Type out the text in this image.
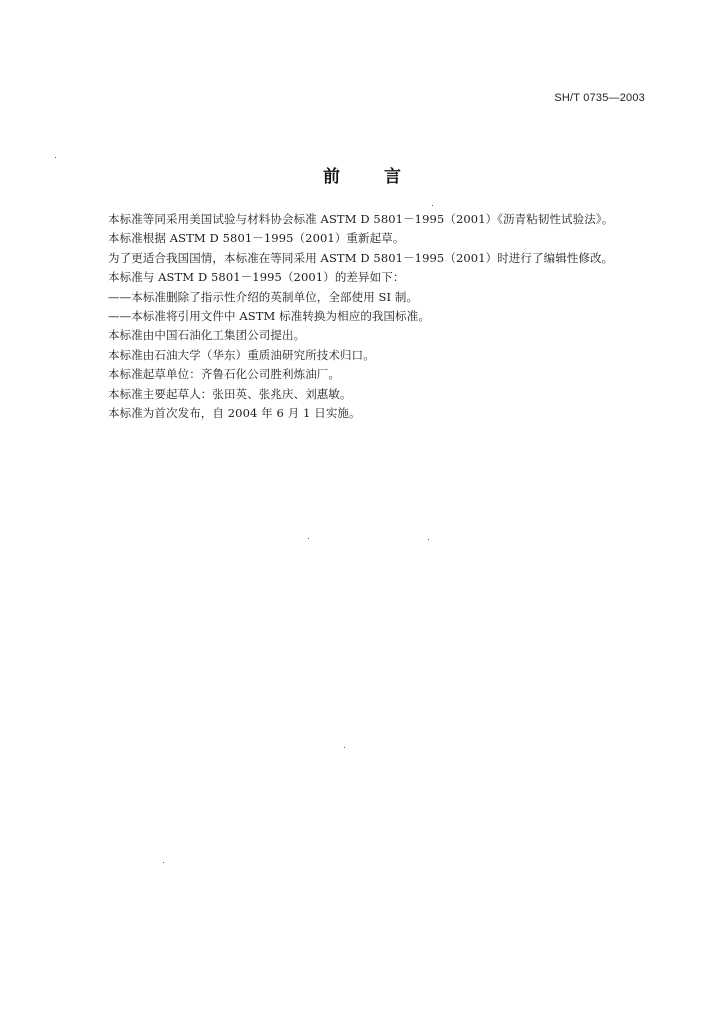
SH/T 0735—2003
前	言
本标准等同采用美国试验与材料协会标准 ASTM D 5801－1995（2001）《沥青粘韧性试验法》。
本标准根据 ASTM D 5801－1995（2001）重新起草。
为了更适合我国国情，本标准在等同采用 ASTM D 5801－1995（2001）时进行了编辑性修改。
本标准与 ASTM D 5801－1995（2001）的差异如下：
——本标准删除了指示性介绍的英制单位，全部使用 SI 制。
——本标准将引用文件中 ASTM 标准转换为相应的我国标准。
本标准由中国石油化工集团公司提出。
本标准由石油大学（华东）重质油研究所技术归口。
本标准起草单位：齐鲁石化公司胜利炼油厂。
本标准主要起草人：张田英、张兆庆、刘惠敏。
本标准为首次发布，自 2004 年 6 月 1 日实施。
